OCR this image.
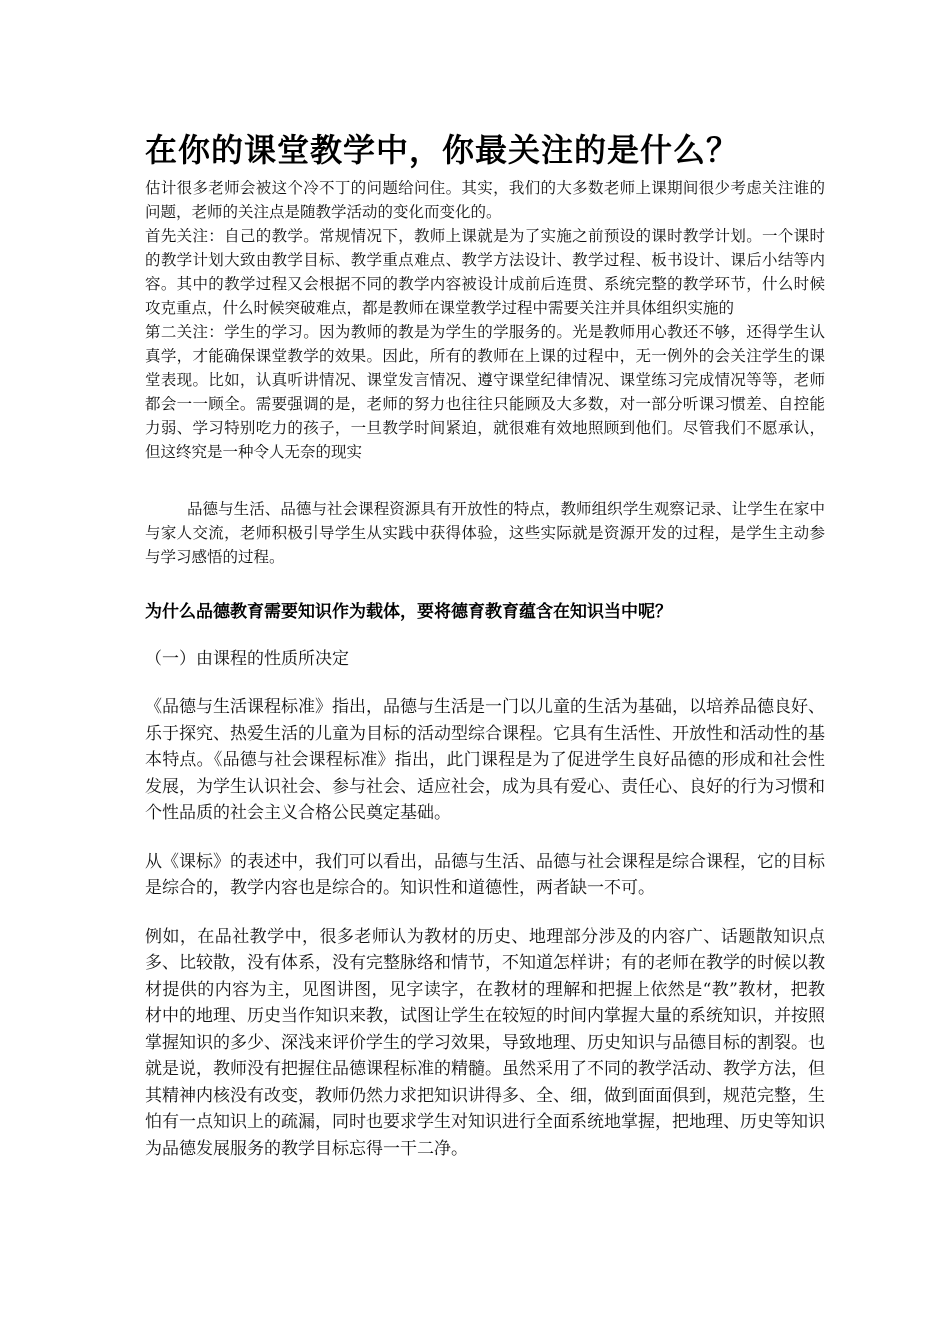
在你的课堂教学中，你最关注的是什么？

估计很多老师会被这个冷不丁的问题给问住。其实，我们的大多数老师上课期间很少考虑关注谁的问题，老师的关注点是随教学活动的变化而变化的。

首先关注：自己的教学。常规情况下，教师上课就是为了实施之前预设的课时教学计划。一个课时的教学计划大致由教学目标、教学重点难点、教学方法设计、教学过程、板书设计、课后小结等内容。其中的教学过程又会根据不同的教学内容被设计成前后连贯、系统完整的教学环节，什么时候攻克重点，什么时候突破难点，都是教师在课堂教学过程中需要关注并具体组织实施的

第二关注：学生的学习。因为教师的教是为学生的学服务的。光是教师用心教还不够，还得学生认真学，才能确保课堂教学的效果。因此，所有的教师在上课的过程中，无一例外的会关注学生的课堂表现。比如，认真听讲情况、课堂发言情况、遵守课堂纪律情况、课堂练习完成情况等等，老师都会一一顾全。需要强调的是，老师的努力也往往只能顾及大多数，对一部分听课习惯差、自控能力弱、学习特别吃力的孩子，一旦教学时间紧迫，就很难有效地照顾到他们。尽管我们不愿承认，但这终究是一种令人无奈的现实

品德与生活、品德与社会课程资源具有开放性的特点，教师组织学生观察记录、让学生在家中与家人交流，老师积极引导学生从实践中获得体验，这些实际就是资源开发的过程，是学生主动参与学习感悟的过程。
为什么品德教育需要知识作为载体，要将德育教育蕴含在知识当中呢？
（一）由课程的性质所决定

《品德与生活课程标准》指出，品德与生活是一门以儿童的生活为基础，以培养品德良好、乐于探究、热爱生活的儿童为目标的活动型综合课程。它具有生活性、开放性和活动性的基本特点。《品德与社会课程标准》指出，此门课程是为了促进学生良好品德的形成和社会性发展，为学生认识社会、参与社会、适应社会，成为具有爱心、责任心、良好的行为习惯和个性品质的社会主义合格公民奠定基础。

从《课标》的表述中，我们可以看出，品德与生活、品德与社会课程是综合课程，它的目标是综合的，教学内容也是综合的。知识性和道德性，两者缺一不可。

例如，在品社教学中，很多老师认为教材的历史、地理部分涉及的内容广、话题散知识点多、比较散，没有体系，没有完整脉络和情节，不知道怎样讲；有的老师在教学的时候以教材提供的内容为主，见图讲图，见字读字，在教材的理解和把握上依然是“教”教材，把教材中的地理、历史当作知识来教，试图让学生在较短的时间内掌握大量的系统知识，并按照掌握知识的多少、深浅来评价学生的学习效果，导致地理、历史知识与品德目标的割裂。也就是说，教师没有把握住品德课程标准的精髓。虽然采用了不同的教学活动、教学方法，但其精神内核没有改变，教师仍然力求把知识讲得多、全、细，做到面面俱到，规范完整，生怕有一点知识上的疏漏，同时也要求学生对知识进行全面系统地掌握，把地理、历史等知识为品德发展服务的教学目标忘得一干二净。
